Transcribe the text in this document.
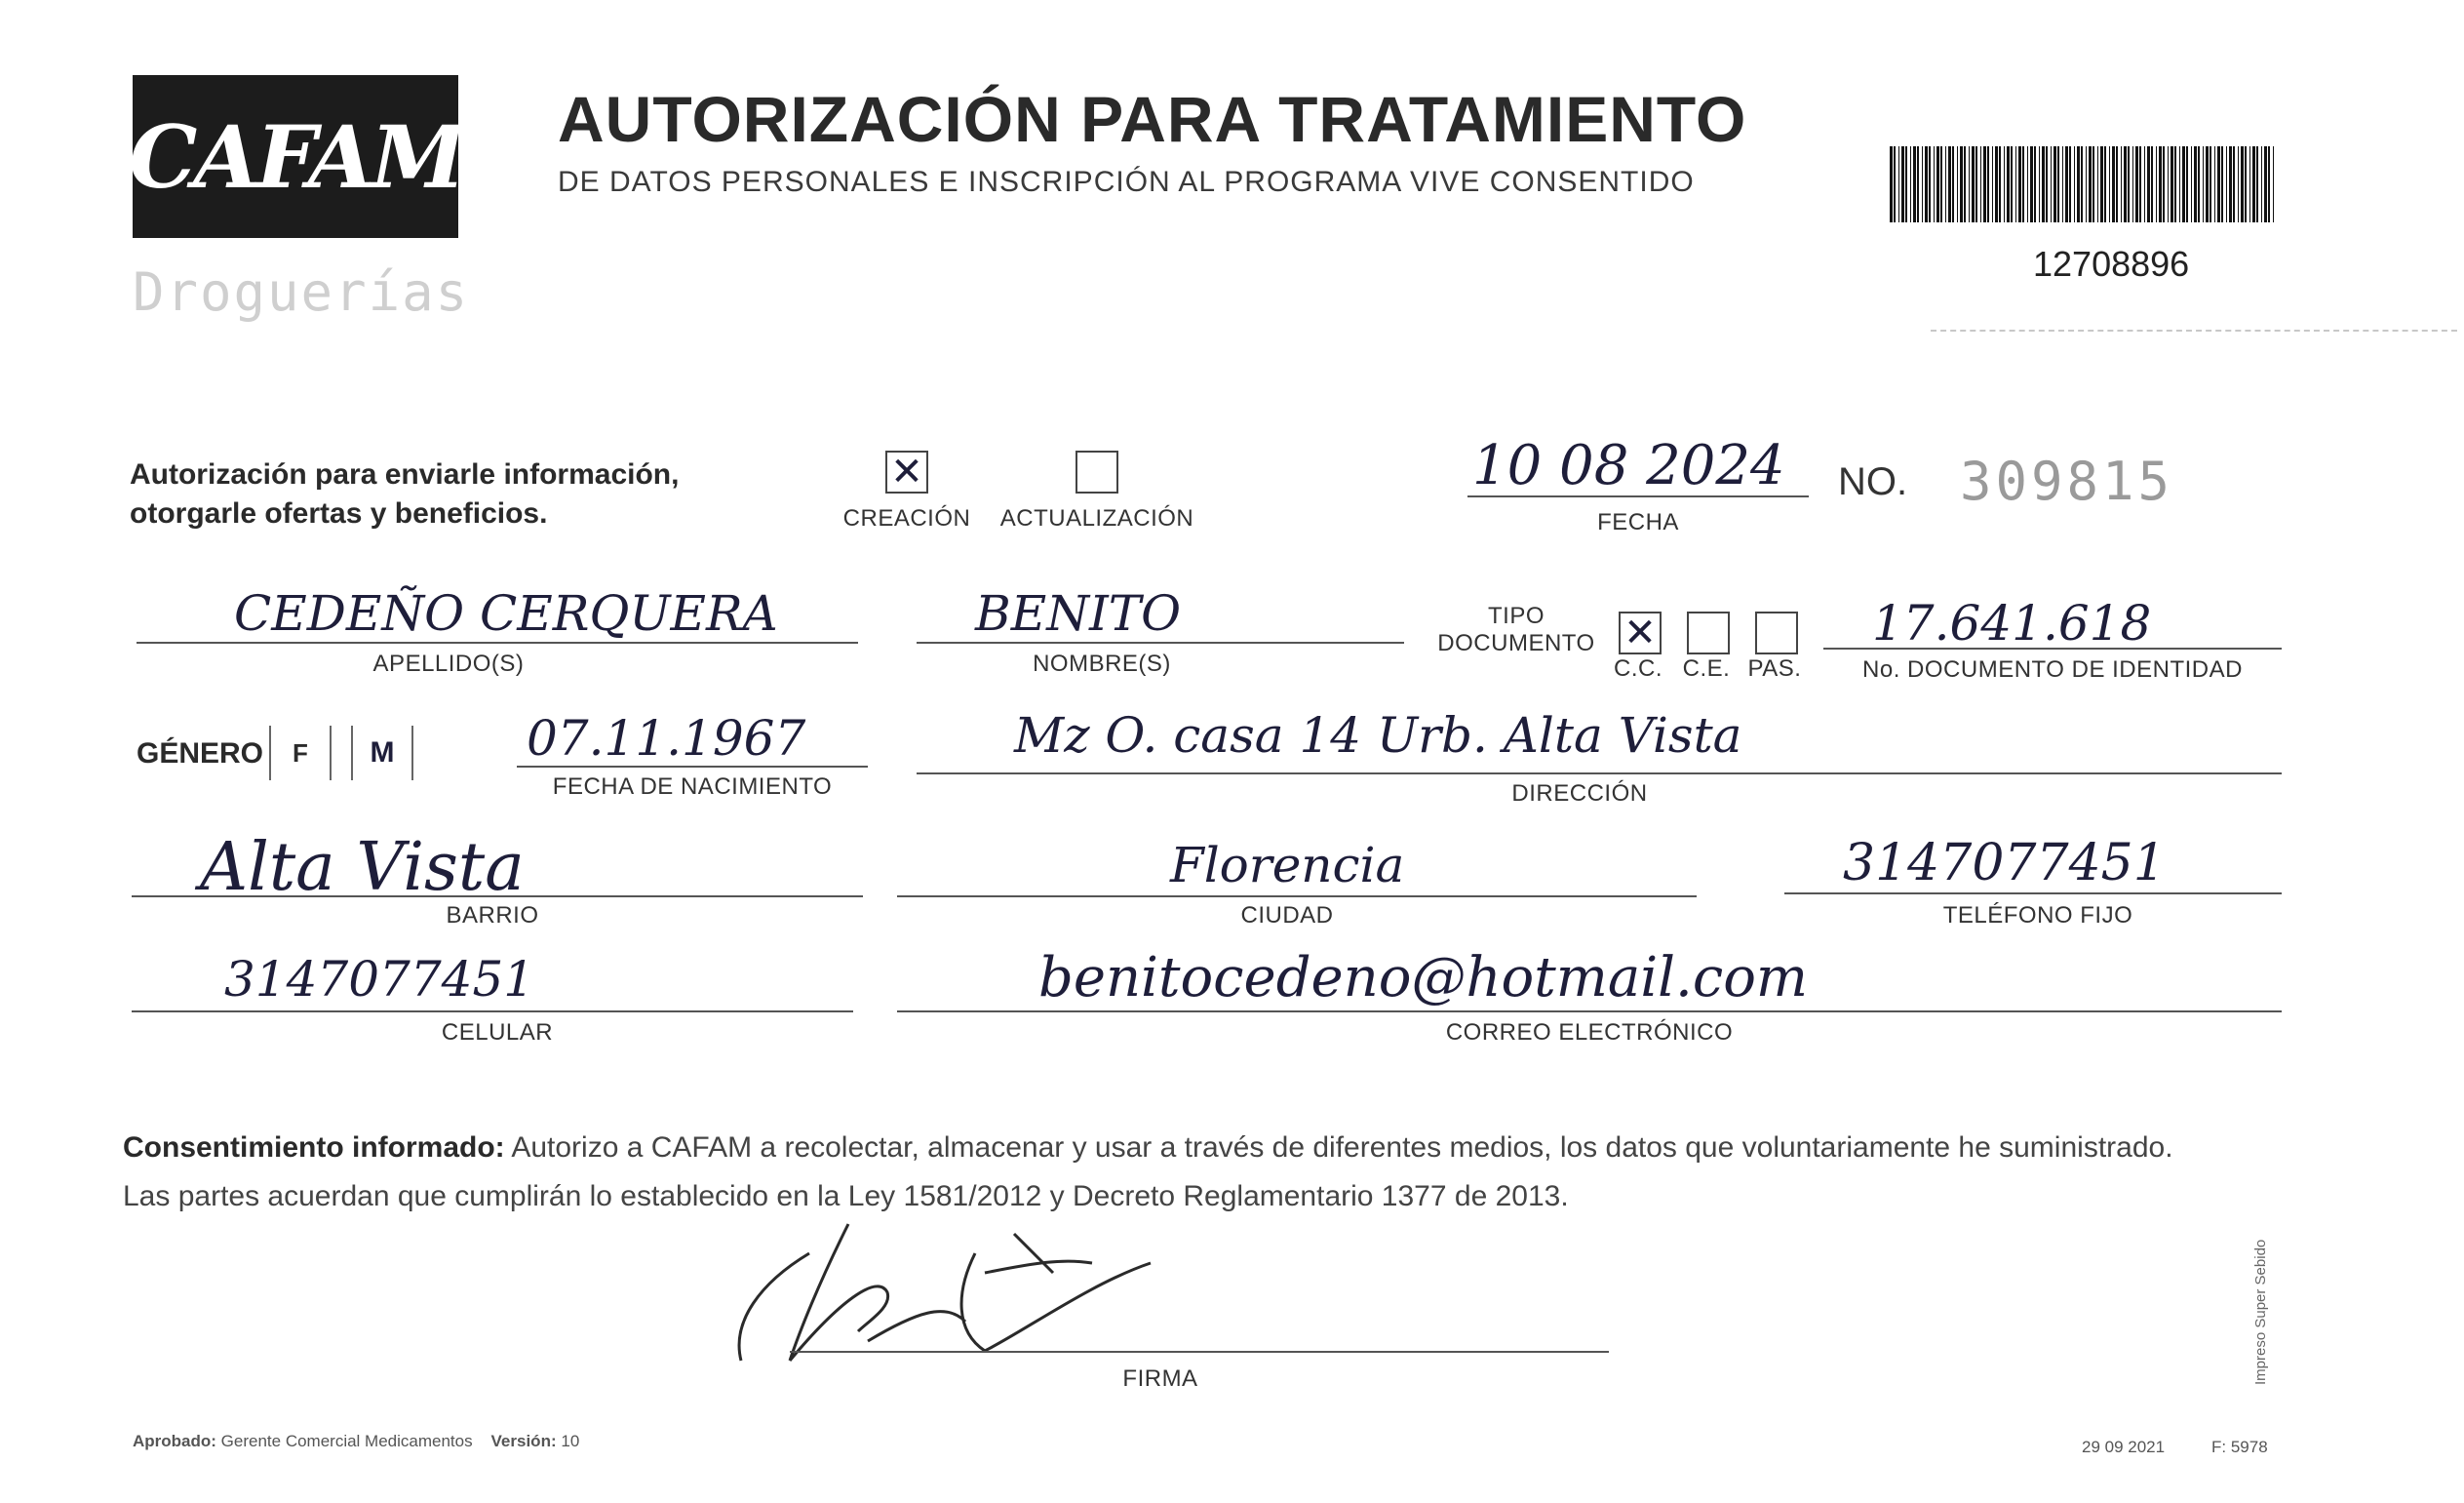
CAFAM
Droguerías
AUTORIZACIÓN PARA TRATAMIENTO
DE DATOS PERSONALES E INSCRIPCIÓN AL PROGRAMA VIVE CONSENTIDO
12708896
Autorización para enviarle información,
otorgarle ofertas y beneficios.
✕
CREACIÓN	ACTUALIZACIÓN
10 08 2024
FECHA
NO. 309815
CEDEÑO CERQUERA
APELLIDO(S)
BENITO
NOMBRE(S)
TIPO
DOCUMENTO ✕
C.C. C.E. PAS.
17.641.618
No. DOCUMENTO DE IDENTIDAD
GÉNERO	F	M	07.11.1967
FECHA DE NACIMIENTO
Mz O. casa 14 Urb. Alta Vista
DIRECCIÓN
Alta Vista
BARRIO
Florencia
CIUDAD
3147077451
TELÉFONO FIJO
3147077451
CELULAR
benitocedeno@hotmail.com
CORREO ELECTRÓNICO
Consentimiento informado: Autorizo a CAFAM a recolectar, almacenar y usar a través de diferentes medios, los datos que voluntariamente he suministrado.
Las partes acuerdan que cumplirán lo establecido en la Ley 1581/2012 y Decreto Reglamentario 1377 de 2013.
FIRMA
Aprobado: Gerente Comercial Medicamentos Versión: 10	29 09 2021	F: 5978
Impreso Super Sebido
